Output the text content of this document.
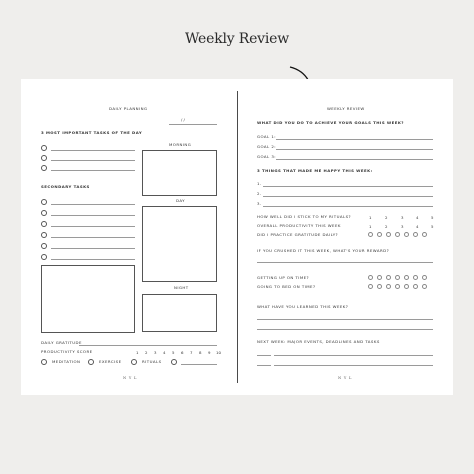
Weekly Review
DAILY PLANNING
/ /
3 MOST IMPORTANT TASKS OF THE DAY
SECONDARY TASKS
MORNING
DAY
NIGHT
DAILY GRATITUDE
PRODUCTIVITY SCORE	1 2 3 4 5 6 7 8 9 10
MEDITATION	EXERCISE	RITUALS
N Y L
WEEKLY REVIEW
WHAT DID YOU DO TO ACHIEVE YOUR GOALS THIS WEEK?
GOAL 1:
GOAL 2:
GOAL 3:
3 THINGS THAT MADE ME HAPPY THIS WEEK:
1.
2.
3.
HOW WELL DID I STICK TO MY RITUALS?	1	2	3	4	5
OVERALL PRODUCTIVITY THIS WEEK	1	2	3	4	5
DID I PRACTICE GRATITUDE DAILY?
IF YOU CRUSHED IT THIS WEEK, WHAT'S YOUR REWARD?
GETTING UP ON TIME?
GOING TO BED ON TIME?
WHAT HAVE YOU LEARNED THIS WEEK?
NEXT WEEK: MAJOR EVENTS, DEADLINES AND TASKS
N Y L
